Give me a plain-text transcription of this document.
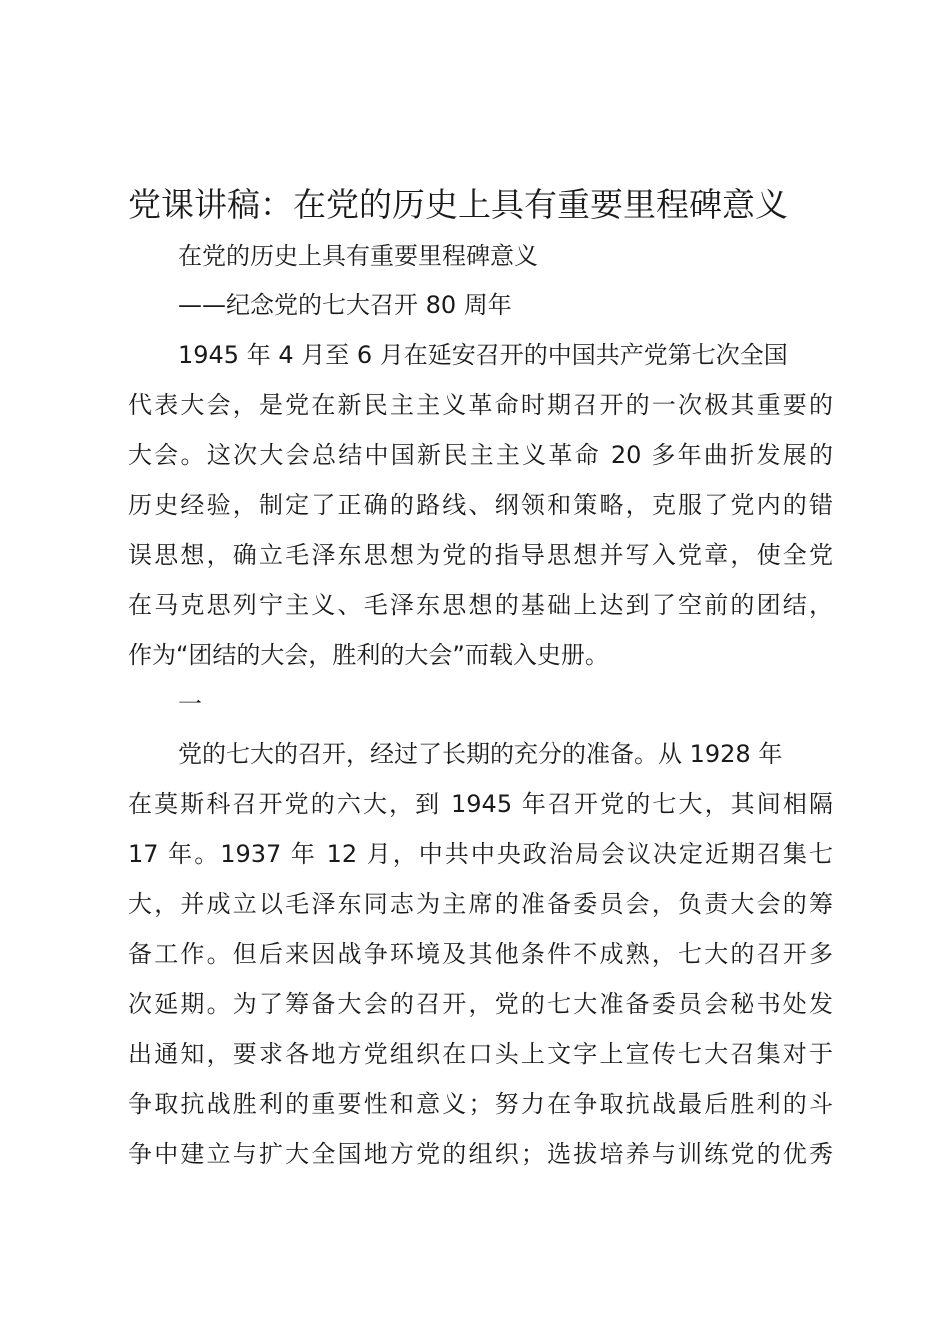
党课讲稿：在党的历史上具有重要里程碑意义
在党的历史上具有重要里程碑意义
——纪念党的七大召开 80 周年
1945 年 4 月至 6 月在延安召开的中国共产党第七次全国
代表大会，是党在新民主主义革命时期召开的一次极其重要的
大会。这次大会总结中国新民主主义革命 20 多年曲折发展的
历史经验，制定了正确的路线、纲领和策略，克服了党内的错
误思想，确立毛泽东思想为党的指导思想并写入党章，使全党
在马克思列宁主义、毛泽东思想的基础上达到了空前的团结，
作为“团结的大会，胜利的大会”而载入史册。
一
党的七大的召开，经过了长期的充分的准备。从 1928 年
在莫斯科召开党的六大，到 1945 年召开党的七大，其间相隔
17 年。1937 年 12 月，中共中央政治局会议决定近期召集七
大，并成立以毛泽东同志为主席的准备委员会，负责大会的筹
备工作。但后来因战争环境及其他条件不成熟，七大的召开多
次延期。为了筹备大会的召开，党的七大准备委员会秘书处发
出通知，要求各地方党组织在口头上文字上宣传七大召集对于
争取抗战胜利的重要性和意义；努力在争取抗战最后胜利的斗
争中建立与扩大全国地方党的组织；选拔培养与训练党的优秀
